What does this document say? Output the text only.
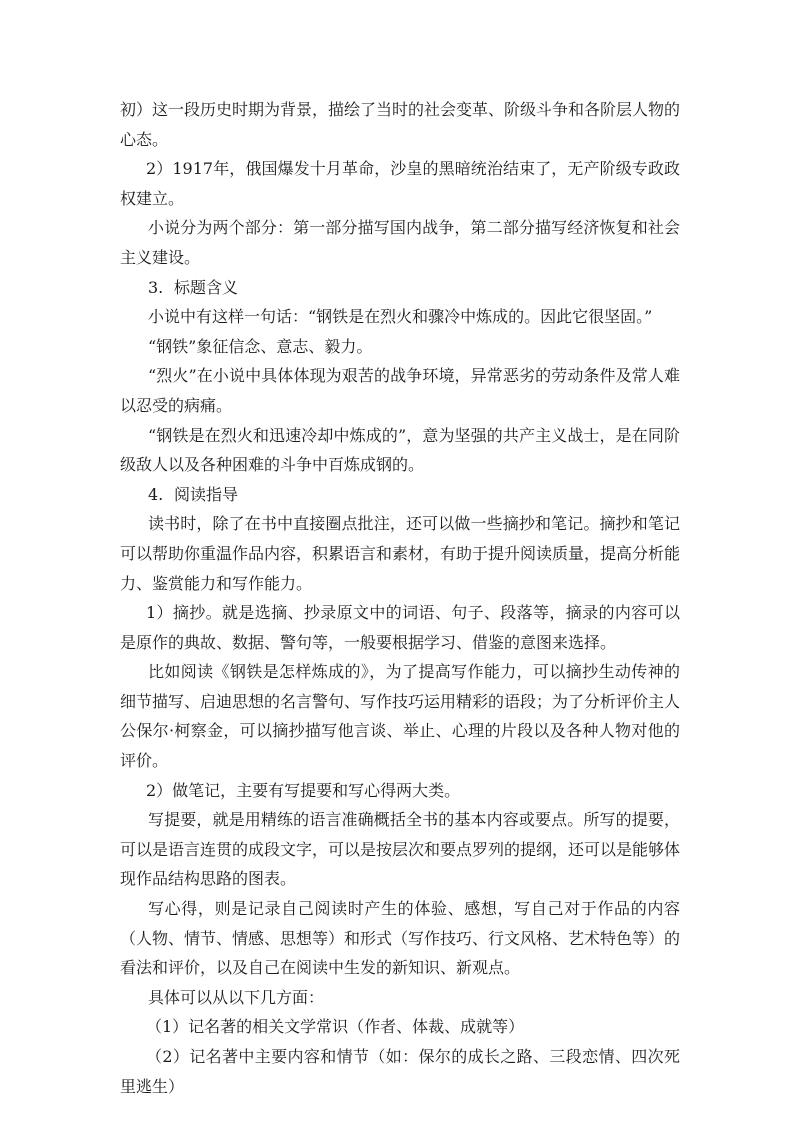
初）这一段历史时期为背景，描绘了当时的社会变革、阶级斗争和各阶层人物的心态。

2）1917年，俄国爆发十月革命，沙皇的黑暗统治结束了，无产阶级专政政权建立。

小说分为两个部分：第一部分描写国内战争，第二部分描写经济恢复和社会主义建设。

3. 标题含义

小说中有这样一句话：“钢铁是在烈火和骤冷中炼成的。因此它很坚固。”

“钢铁”象征信念、意志、毅力。

“烈火”在小说中具体体现为艰苦的战争环境，异常恶劣的劳动条件及常人难以忍受的病痛。

“钢铁是在烈火和迅速冷却中炼成的”，意为坚强的共产主义战士，是在同阶级敌人以及各种困难的斗争中百炼成钢的。

4. 阅读指导

读书时，除了在书中直接圈点批注，还可以做一些摘抄和笔记。摘抄和笔记可以帮助你重温作品内容，积累语言和素材，有助于提升阅读质量，提高分析能力、鉴赏能力和写作能力。

1）摘抄。就是选摘、抄录原文中的词语、句子、段落等，摘录的内容可以是原作的典故、数据、警句等，一般要根据学习、借鉴的意图来选择。

比如阅读《钢铁是怎样炼成的》，为了提高写作能力，可以摘抄生动传神的细节描写、启迪思想的名言警句、写作技巧运用精彩的语段；为了分析评价主人公保尔·柯察金，可以摘抄描写他言谈、举止、心理的片段以及各种人物对他的评价。

2）做笔记，主要有写提要和写心得两大类。

写提要，就是用精练的语言准确概括全书的基本内容或要点。所写的提要，可以是语言连贯的成段文字，可以是按层次和要点罗列的提纲，还可以是能够体现作品结构思路的图表。

写心得，则是记录自己阅读时产生的体验、感想，写自己对于作品的内容（人物、情节、情感、思想等）和形式（写作技巧、行文风格、艺术特色等）的看法和评价，以及自己在阅读中生发的新知识、新观点。

具体可以从以下几方面：

（1）记名著的相关文学常识（作者、体裁、成就等）

（2）记名著中主要内容和情节（如：保尔的成长之路、三段恋情、四次死里逃生）
